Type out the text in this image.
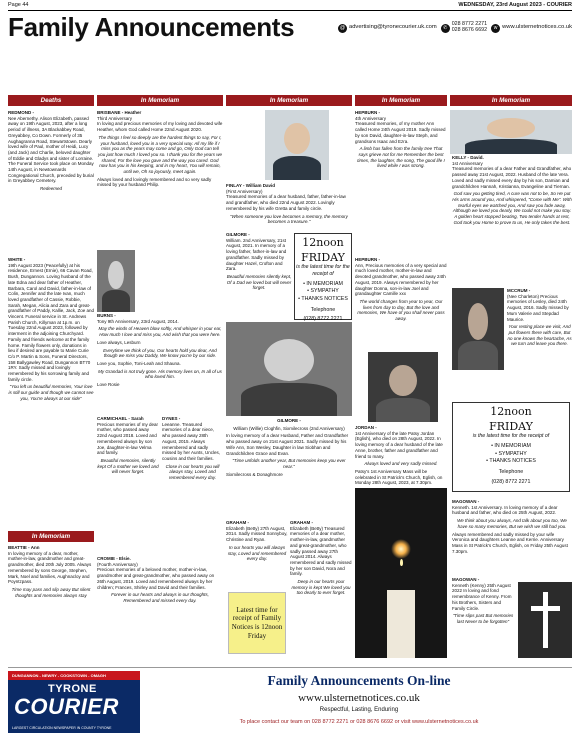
Page 44	WEDNESDAY, 23rd August 2023 - COURIER
Family Announcements	@ advertising@tyronecourier.uk.com	✆
028 8772 2271
028 8676 6692	w www.ulsternetnotices.co.uk
Deaths	In Memoriam	In Memoriam	In Memoriam	In Memoriam
REDMOND -

Nee Abernethy. Alison Elizabeth, passed away on 19th August, 2023, after a long period of illness, 3A Blackabbey Road, Greyabbey, Co Down. Formerly of 35 Aughagranna Road, Stewartstown. Dearly loved wife of Paul, mother of Heidi, Lucy (and Jack) and Charlie, beloved daughter of Eddie and Gladys and sister of Lorraine. The Funeral Service took place on Monday 14th August, in Newtownards Congregational Church, preceded by burial in Greyabbey Cemetery.

Redeemed
WHITE -

19th August 2023 (Peacefully) at his residence, Ernest (Ernie), 66 Cavan Road, Bush, Dungannon. Loving husband of the late Edna and dear father of Heather, Barbara, Carol and David, father-in-law of Colin, Jennifer and the late Ivan, much loved grandfather of Cassie, Robbie, Sarah, Megan, Alicia and Zara and great-grandfather of Paddy, Kallie, Jack, Zoe and Vincent. Funeral service in St. Andrews Parish Church, Killyman at 1p.m. on Tuesday 22nd August 2023, followed by interment in the adjoining Churchyard. Family and friends welcome at the family home. Family flowers only, donations in lieu if desired are payable to Marie Curie C/o P. Martin & Sons, Funeral Directors, 158 Ballygawley Road, Dungannon BT70 1RY. Sadly missed and lovingly remembered by his sorrowing family and family circle.

"You left us beautiful memories, Your love is still our guide and though we cannot see you, You're always at our side"
In Memoriam
BEATTIE - Ann

In loving memory of a dear, mother, mother-in-law, grandmother and great-grandmother, died 20th July 2005. Always remembered by sons George, Stephen, Mark, Noel and families, Aughnacloy and Poyntzpass.

Time may pass and slip away But silent thoughts and memories always stay
BRISBANE - Heather
Third Anniversary

In loving and precious memories of my loving and devoted wife Heather, whom God called Home 22nd August 2020.

The things I feel so deeply are the hardest things to say, For I, your husband, loved you in a very special way. All my life if I miss you as the years may come and go, Only God can tell you just how much I loved you so. I thank you for the years we shared, For the love you gave and the way you cared. God now has you in his keeping, and in my heart, You will remain, until we, Oh so joyously, meet again.

Always loved and lovingly remembered and so very sadly missed by your husband Philip.

BURNS -

Tony 9th Anniversary, 23rd August, 2014.

May the winds of Heaven blow softly, And whisper in your ear, How much I love and miss you, And wish that you were here.

Love always, Lesburn

Everytime we think of you, Our hearts hold you dear, And though we miss you Daddy, We know you're by our side.

Love you, Sophie, Toni-Leah and Shauna.

My Grandad is not truly gone. His memory lives on, In all of us who loved him.

Love Rosie

CARMICHAEL - Sarah

Precious memories of my dear mother, who passed away 22nd August 2018. Loved and remembered always by son Joe, daughter-in-law Velma and family.

Beautiful memories, silently kept Of a mother we loved and will never forget.
DYNES -

Leeanne. Treasured memories of a dear niece, who passed away 28th August, 2015. Always remembered and sadly missed by her Aunts, Uncles, cousins and their families.

Close in our hearts you will always stay, Loved and remembered every day.
CROMIE - Elsie.
(Fourth Anniversary)

Precious memories of a beloved mother, mother-in-law, grandmother and great-grandmother, who passed away on 26th August, 2019. Loved and remembered always by her children; Frances, Shirley and David and their families.

Forever in our hearts and always in our thoughts, Remembered and missed every day.
FINLAY - William David
(First Anniversary)

Treasured memories of a dear husband, father, father-in-law and grandfather, who died 22nd August 2022. Lovingly remembered by his wife Gretta and family circle.

"When someone you love becomes a memory, the memory becomes a treasure."
GILMORE -

William. 2nd Anniversary, 21st August, 2021. In memory of a loving father, father-in-law and grandfather. Sadly missed by daughter Hazel, Crofton and Zara.

Beautiful memories silently kept, Of a Dad we loved but will never forget.
12noon
FRIDAY
is the latest time for the receipt of
• IN MEMORIAM
• SYMPATHY
• THANKS NOTICES
Telephone
(028) 8772 2271
GILMORE -
William (Willie) Cloghfin, Sixmilecross (2nd Anniversary)

In loving memory of a dear Husband, Father and Grandfather who passed away on 21st August 2021. Sadly missed by his Wife Ann, Son Wesley, Daughter in law Siobhan and Grandchildren Grace and Evan.

"Time unfolds another year, But memories keep you ever near."

Sixmilecross & Donaghmore

GRAHAM -

Elizabeth (Betty) 27th August, 2014. Sadly missed Sonnyboy, Christine and Ryan.

In our hearts you will always stay, Loved and remembered every day.
Latest time for receipt of Family Notices is 12noon Friday
GRAHAM -

Elizabeth (Betty) Treasured memories of a dear mother, mother-in-law, grandmother and great-grandmother, who sadly passed away 27th August 2014. Always remembered and sadly missed by her son David, Nora and family.

Deep in our hearts your memory is kept We loved you too dearly to ever forget.
HEPBURN -
4th Anniversary

Treasured memories, of my mother Ann called Home 24th August 2019. Sadly missed by son David, daughter-in-law Steph, and grandsons Isaac and Ezra.

A limb has fallen from the family tree That says grieve not for me Remember the best times, the laughter, the song, The good life I lived while I was strong.
HEPBURN -

Ann, Precious memories of a very special and much loved mother, mother-in-law and devoted grandmother, who passed away 24th August, 2019. Always remembered by her daughter Donna, son-in-law Joel and grandaughter Camille xxx

The world changes from year to year, Our lives from day to day, But the love and memories, We have of you shall never pass away.
JORDAN -

1st Anniversary of the late Patsy Jordan (Eglish), who died on 28th August, 2022. In loving memory of a dear husband of the late Anne, brother, father and grandfather and friend to many.

Always loved and very sadly missed.

Patsy's 1st Anniversary Mass will be celebrated in St Patrick's Church, Eglish, on Monday 28th August, 2023, at 7.30pm.

KELLY - David.
1st Anniversary

Treasured memories of a dear Father and Grandfather, who passed away 21st August, 2022. Husband of the late Vera. Loved and sadly missed every day by his son, Damian and grandchildren Hannah, Kristianna, Evangeline and Tiernan.

God saw you getting tired, A cure was not to be, So He put His arms around you, And whispered, "Come with Me". With tearful eyes we watched you, And saw you fade away, Although we loved you dearly, We could not make you stay. A golden heart stopped beating, Two tender hands at rest, God took you Home to prove to us, He only takes the best.
MCCRUM -

(Nee Charleton) Precious memories of Lesley, died 24th August, 2016. Sadly missed by Mum Valerie and Stepdad Maurice.

Your resting place we visit, And put flowers there with care, But no one knows the heartache, As we turn and leave you there.
12noon
FRIDAY
is the latest time for the receipt of
• IN MEMORIAM
• SYMPATHY
• THANKS NOTICES
Telephone
(028) 8772 2271
MAGOWAN -

Kenneth. 1st Anniversary. In loving memory of a dear husband and father, who died on 25th August, 2022.

We think about you always, And talk about you too, We have so many memories, But we wish we still had you.

Always remembered and sadly missed by your wife Veronica and daughters Leanne and Kerrie. Anniversary Mass in St Patrick's Church, Eglish, on Friday 25th August 7.30pm.

MAGOWAN -

Kenneth (Kenny) 25th August 2022 In loving and fond remembrance of Kenny. From his Brothers, Sisters and Family Circle.

"Time slips past But memories last Never to be forgotten"
DUNGANNON - NEWRY - COOKSTOWN - OMAGH
TYRONE
COURIER
LARGEST CIRCULATION NEWSPAPER IN COUNTY TYRONE
Family Announcements On-line
www.ulsternetnotices.co.uk
Respectful, Lasting, Enduring
To place contact our team on 028 8772 2271 or 028 8676 6692 or visit www.ulsternetnotices.co.uk
